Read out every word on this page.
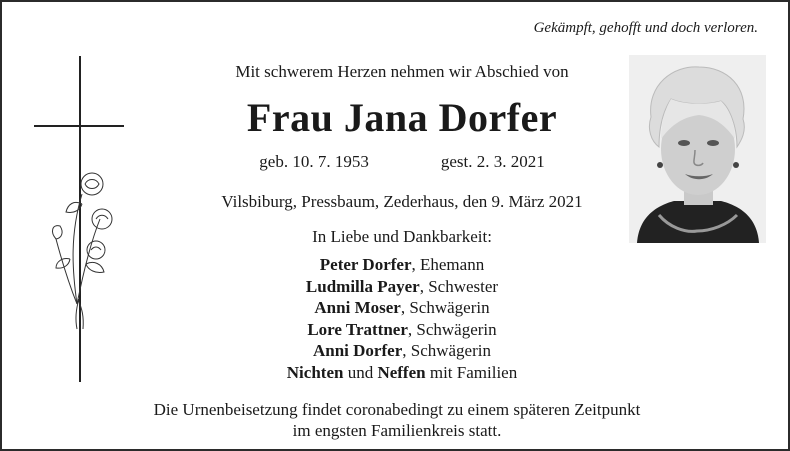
Gekämpft, gehofft und doch verloren.
Mit schwerem Herzen nehmen wir Abschied von
Frau Jana Dorfer
geb. 10. 7. 1953	gest. 2. 3. 2021
Vilsbiburg, Pressbaum, Zederhaus, den 9. März 2021
In Liebe und Dankbarkeit:
Peter Dorfer, Ehemann
Ludmilla Payer, Schwester
Anni Moser, Schwägerin
Lore Trattner, Schwägerin
Anni Dorfer, Schwägerin
Nichten und Neffen mit Familien
Die Urnenbeisetzung findet coronabedingt zu einem späteren Zeitpunkt
im engsten Familienkreis statt.
